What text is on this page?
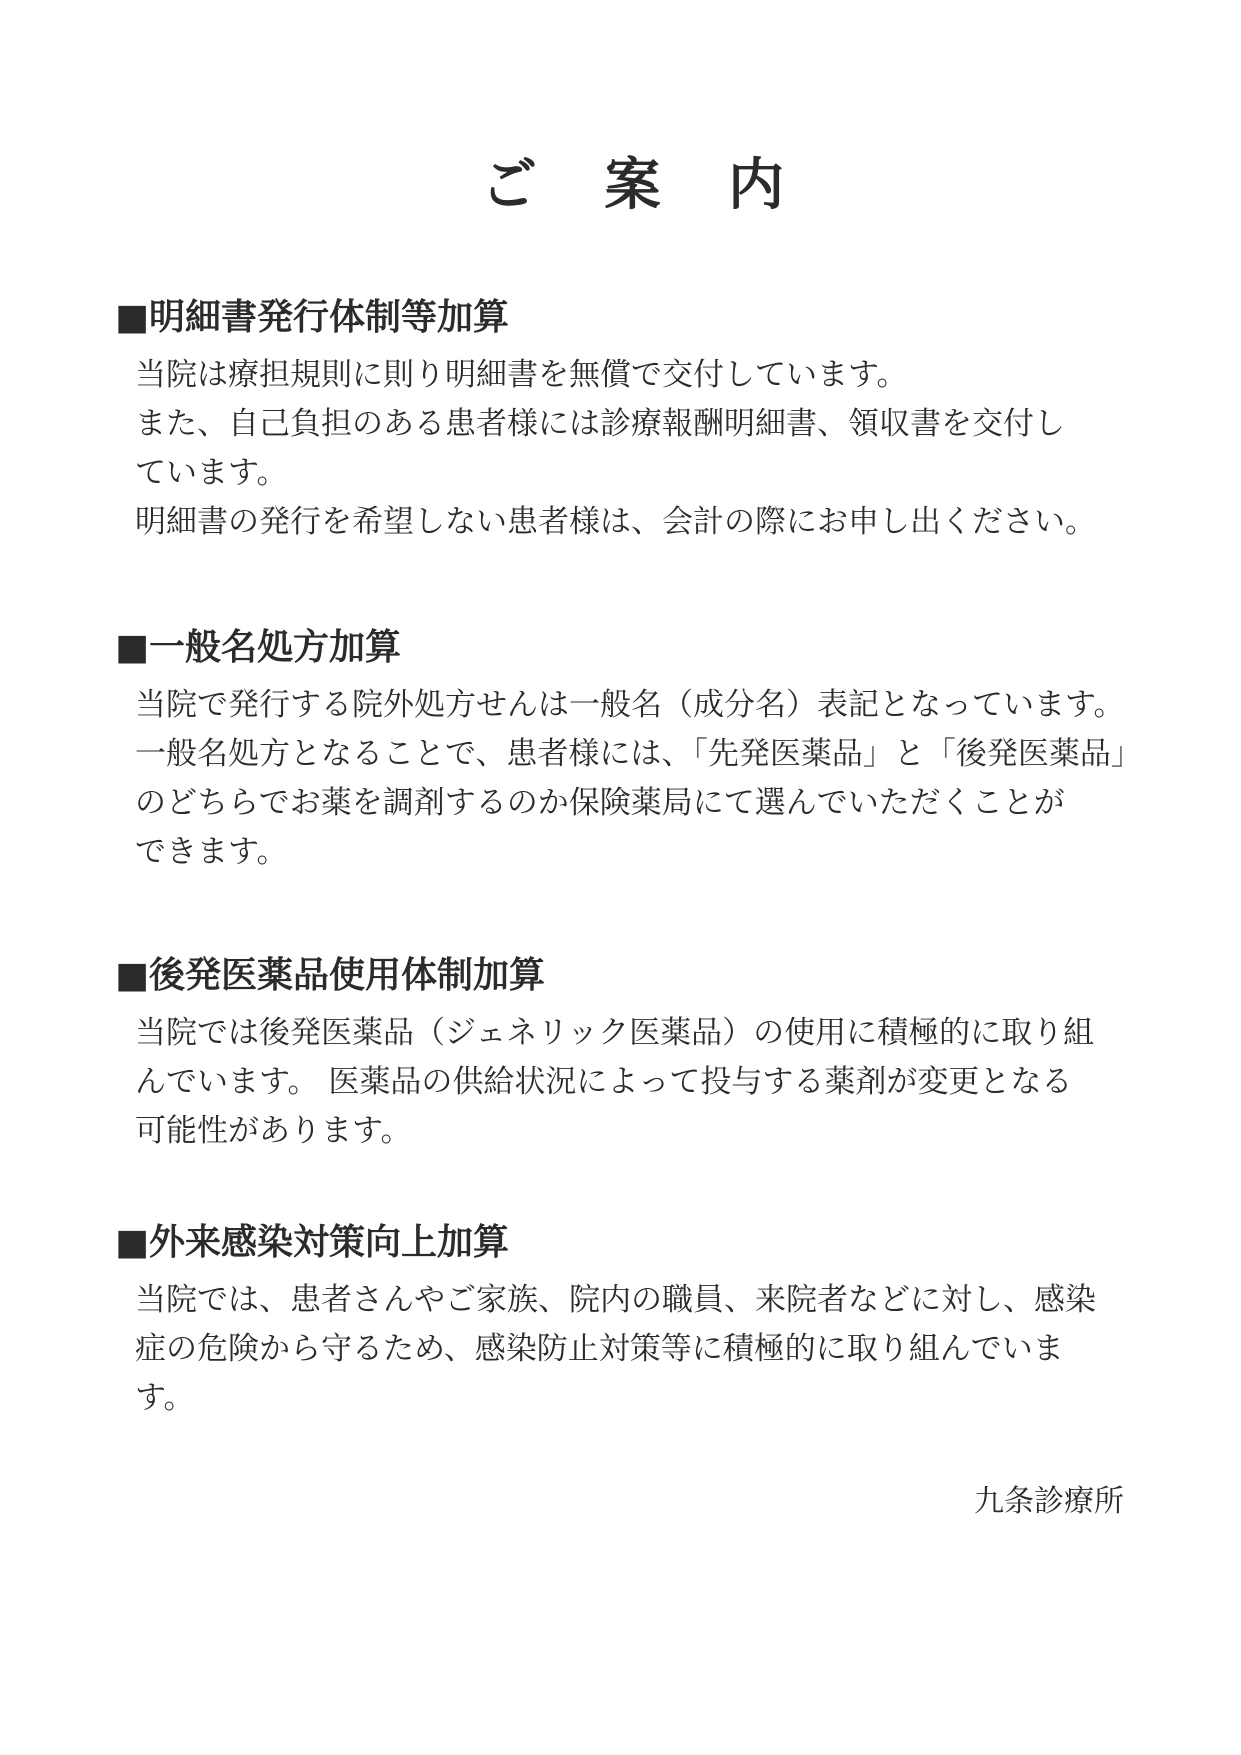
ご 案 内
■明細書発行体制等加算

当院は療担規則に則り明細書を無償で交付しています。

また、自己負担のある患者様には診療報酬明細書、領収書を交付し

ています。

明細書の発行を希望しない患者様は、会計の際にお申し出ください。

■一般名処方加算

当院で発行する院外処方せんは一般名（成分名）表記となっています。

一般名処方となることで、患者様には、「先発医薬品」と「後発医薬品」

のどちらでお薬を調剤するのか保険薬局にて選んでいただくことが

できます。

■後発医薬品使用体制加算

当院では後発医薬品（ジェネリック医薬品）の使用に積極的に取り組

んでいます。 医薬品の供給状況によって投与する薬剤が変更となる

可能性があります。

■外来感染対策向上加算

当院では、患者さんやご家族、院内の職員、来院者などに対し、感染

症の危険から守るため、感染防止対策等に積極的に取り組んでいま

す。

九条診療所
